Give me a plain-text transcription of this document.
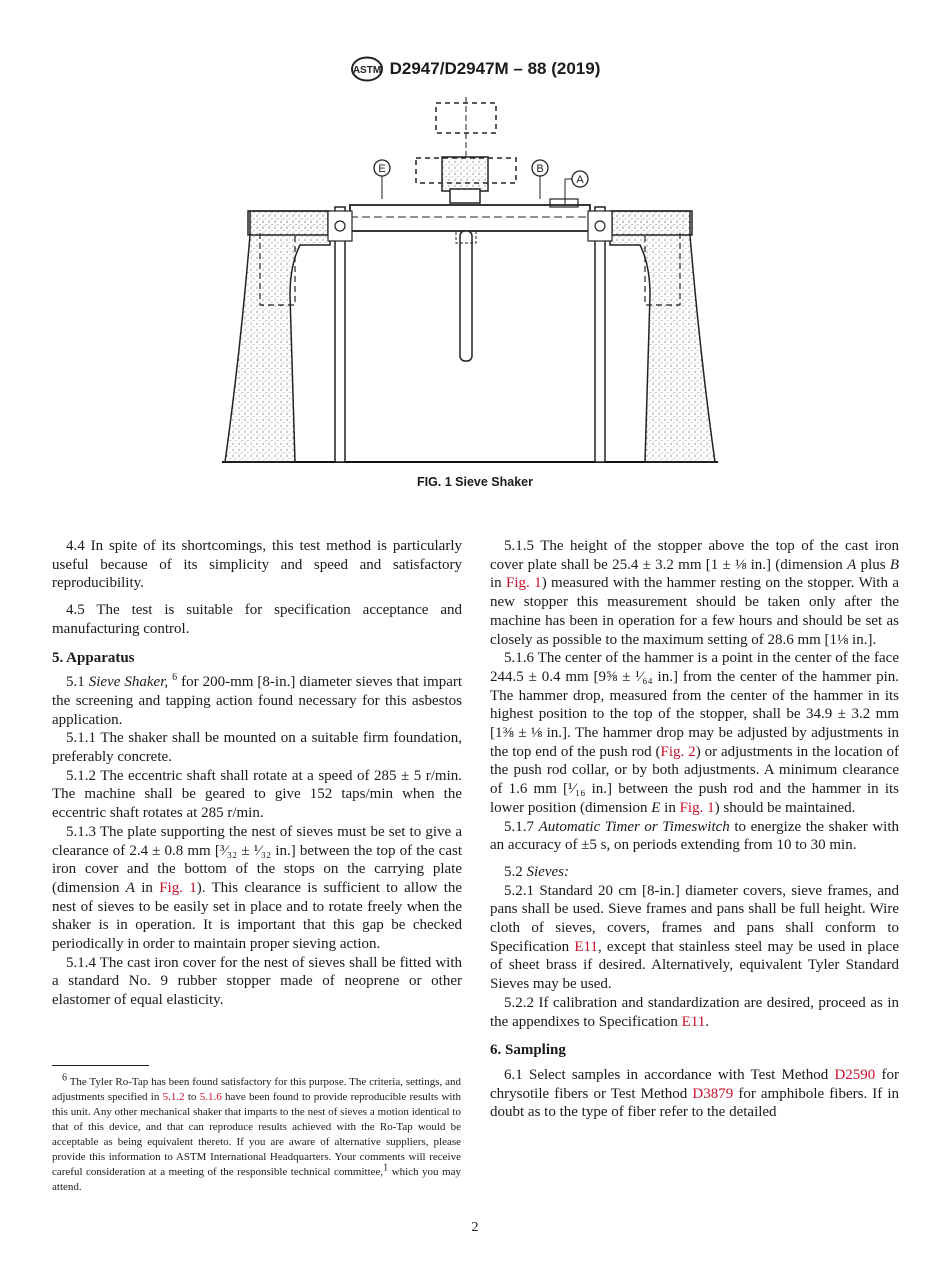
ASTM D2947/D2947M – 88 (2019)
E	B
A
FIG. 1 Sieve Shaker

4.4 In spite of its shortcomings, this test method is particularly useful because of its simplicity and speed and satisfactory reproducibility.

4.5 The test is suitable for specification acceptance and manufacturing control.

5. Apparatus

5.1 Sieve Shaker, $^6$ for 200-mm [8-in.] diameter sieves that impart the screening and tapping action found necessary for this asbestos application.

5.1.1 The shaker shall be mounted on a suitable firm foundation, preferably concrete.

5.1.2 The eccentric shaft shall rotate at a speed of 285 ± 5 r/min. The machine shall be geared to give 152 taps/min when the eccentric shaft rotates at 285 r/min.

5.1.3 The plate supporting the nest of sieves must be set to give a clearance of 2.4 ± 0.8 mm [³⁄₃₂ ± ¹⁄₃₂ in.] between the top of the cast iron cover and the bottom of the stops on the carrying plate (dimension A in Fig. 1). This clearance is sufficient to allow the nest of sieves to be easily set in place and to rotate freely when the shaker is in operation. It is important that this gap be checked periodically in order to maintain proper sieving action.

5.1.4 The cast iron cover for the nest of sieves shall be fitted with a standard No. 9 rubber stopper made of neoprene or other elastomer of equal elasticity.

5.1.5 The height of the stopper above the top of the cast iron cover plate shall be 25.4 ± 3.2 mm [1 ± ⅛ in.] (dimension A plus B in Fig. 1) measured with the hammer resting on the stopper. With a new stopper this measurement should be taken only after the machine has been in operation for a few hours and should be set as closely as possible to the maximum setting of 28.6 mm [1⅛ in.].

5.1.6 The center of the hammer is a point in the center of the face 244.5 ± 0.4 mm [9⅝ ± ¹⁄₆₄ in.] from the center of the hammer pin. The hammer drop, measured from the center of the hammer in its highest position to the top of the stopper, shall be 34.9 ± 3.2 mm [1⅜ ± ⅛ in.]. The hammer drop may be adjusted by adjustments in the top end of the push rod (Fig. 2) or adjustments in the location of the push rod collar, or by both adjustments. A minimum clearance of 1.6 mm [¹⁄₁₆ in.] between the push rod and the hammer in its lower position (dimension E in Fig. 1) should be maintained.

5.1.7 Automatic Timer or Timeswitch to energize the shaker with an accuracy of ±5 s, on periods extending from 10 to 30 min.

5.2 Sieves:

5.2.1 Standard 20 cm [8-in.] diameter covers, sieve frames, and pans shall be used. Sieve frames and pans shall be full height. Wire cloth of sieves, covers, frames and pans shall conform to Specification E11, except that stainless steel may be used in place of sheet brass if desired. Alternatively, equivalent Tyler Standard Sieves may be used.

5.2.2 If calibration and standardization are desired, proceed as in the appendixes to Specification E11.

6. Sampling

6.1 Select samples in accordance with Test Method D2590 for chrysotile fibers or Test Method D3879 for amphibole fibers. If in doubt as to the type of fiber refer to the detailed

6 The Tyler Ro-Tap has been found satisfactory for this purpose. The criteria, settings, and adjustments specified in 5.1.2 to 5.1.6 have been found to provide reproducible results with this unit. Any other mechanical shaker that imparts to the nest of sieves a motion identical to that of this device, and that can reproduce results achieved with the Ro-Tap would be acceptable as being equivalent thereto. If you are aware of alternative suppliers, please provide this information to ASTM International Headquarters. Your comments will receive careful consideration at a meeting of the responsible technical committee,1 which you may attend.
2
